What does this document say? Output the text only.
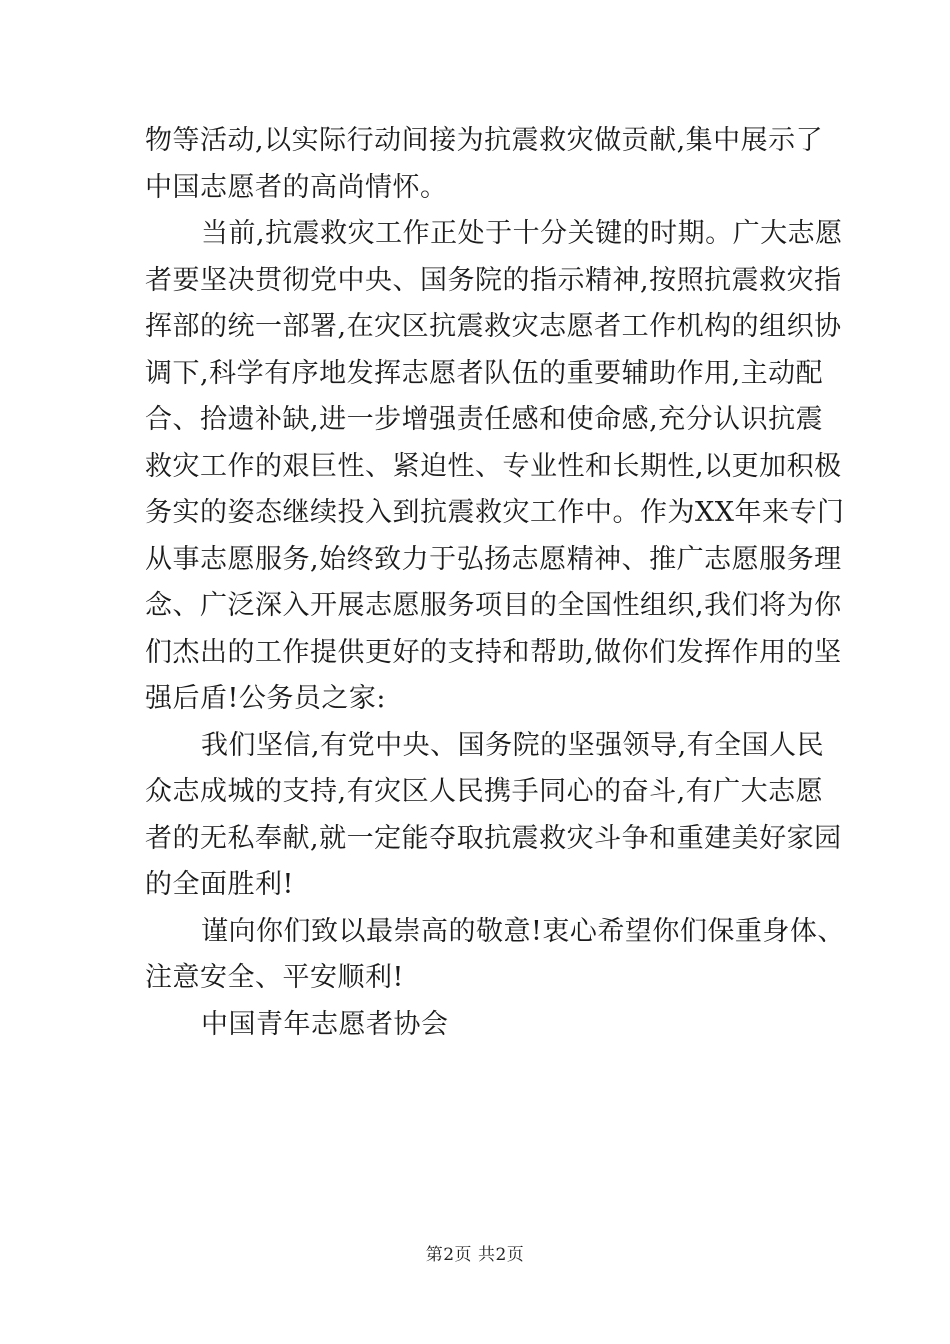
物等活动,以实际行动间接为抗震救灾做贡献,集中展示了
中国志愿者的高尚情怀。
当前,抗震救灾工作正处于十分关键的时期。广大志愿
者要坚决贯彻党中央、国务院的指示精神,按照抗震救灾指
挥部的统一部署,在灾区抗震救灾志愿者工作机构的组织协
调下,科学有序地发挥志愿者队伍的重要辅助作用,主动配
合、拾遗补缺,进一步增强责任感和使命感,充分认识抗震
救灾工作的艰巨性、紧迫性、专业性和长期性,以更加积极
务实的姿态继续投入到抗震救灾工作中。作为XX年来专门
从事志愿服务,始终致力于弘扬志愿精神、推广志愿服务理
念、广泛深入开展志愿服务项目的全国性组织,我们将为你
们杰出的工作提供更好的支持和帮助,做你们发挥作用的坚
强后盾!公务员之家:
我们坚信,有党中央、国务院的坚强领导,有全国人民
众志成城的支持,有灾区人民携手同心的奋斗,有广大志愿
者的无私奉献,就一定能夺取抗震救灾斗争和重建美好家园
的全面胜利!
谨向你们致以最崇高的敬意!衷心希望你们保重身体、
注意安全、平安顺利!
中国青年志愿者协会
第2页 共2页
